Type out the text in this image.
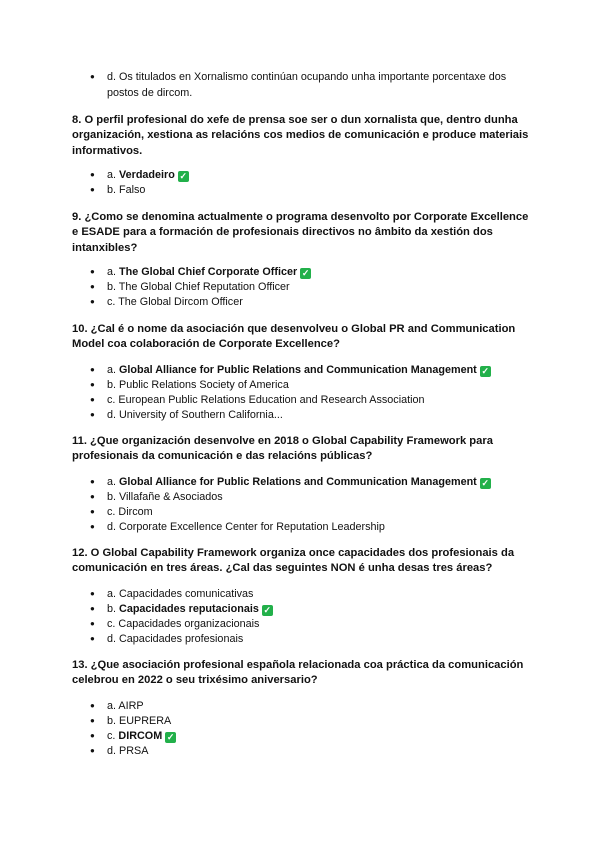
● d. Os titulados en Xornalismo continúan ocupando unha importante porcentaxe dos
postos de dircom.
8. O perfil profesional do xefe de prensa soe ser o dun xornalista que, dentro dunha
organización, xestiona as relacións cos medios de comunicación e produce materiais
informativos.
● a. Verdadeiro ✓
● b. Falso
9. ¿Como se denomina actualmente o programa desenvolto por Corporate Excellence
e ESADE para a formación de profesionais directivos no âmbito da xestión dos
intanxibles?
● a. The Global Chief Corporate Officer ✓
● b. The Global Chief Reputation Officer
● c. The Global Dircom Officer
10. ¿Cal é o nome da asociación que desenvolveu o Global PR and Communication
Model coa colaboración de Corporate Excellence?
● a. Global Alliance for Public Relations and Communication Management ✓
● b. Public Relations Society of America
● c. European Public Relations Education and Research Association
● d. University of Southern California...
11. ¿Que organización desenvolve en 2018 o Global Capability Framework para
profesionais da comunicación e das relacións públicas?
● a. Global Alliance for Public Relations and Communication Management ✓
● b. Villafañe & Asociados
● c. Dircom
● d. Corporate Excellence Center for Reputation Leadership
12. O Global Capability Framework organiza once capacidades dos profesionais da
comunicación en tres áreas. ¿Cal das seguintes NON é unha desas tres áreas?
● a. Capacidades comunicativas
● b. Capacidades reputacionais ✓
● c. Capacidades organizacionais
● d. Capacidades profesionais
13. ¿Que asociación profesional española relacionada coa práctica da comunicación
celebrou en 2022 o seu trixésimo aniversario?
● a. AIRP
● b. EUPRERA
● c. DIRCOM ✓
● d. PRSA
